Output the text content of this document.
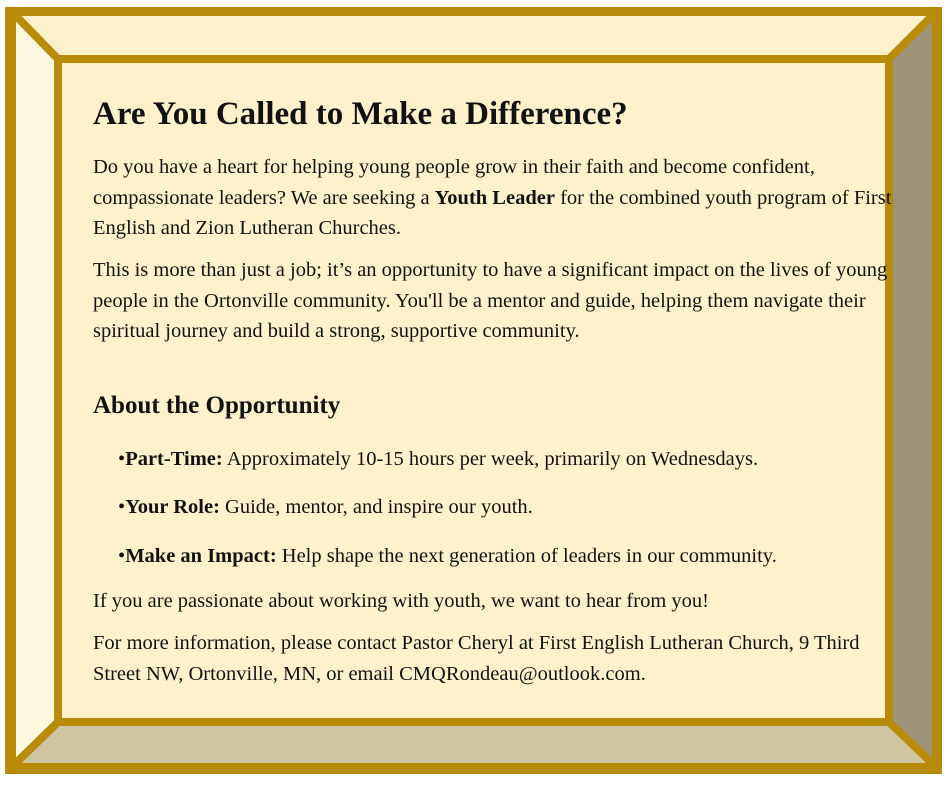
Are You Called to Make a Difference?

Do you have a heart for helping young people grow in their faith and become confident, compassionate leaders? We are seeking a Youth Leader for the combined youth program of First English and Zion Lutheran Churches.

This is more than just a job; it’s an opportunity to have a significant impact on the lives of young people in the Ortonville community. You'll be a mentor and guide, helping them navigate their spiritual journey and build a strong, supportive community.

About the Opportunity
•Part-Time: Approximately 10-15 hours per week, primarily on Wednesdays.
•Your Role: Guide, mentor, and inspire our youth.
•Make an Impact: Help shape the next generation of leaders in our community.

If you are passionate about working with youth, we want to hear from you!

For more information, please contact Pastor Cheryl at First English Lutheran Church, 9 Third Street NW, Ortonville, MN, or email CMQRondeau@outlook.com.
